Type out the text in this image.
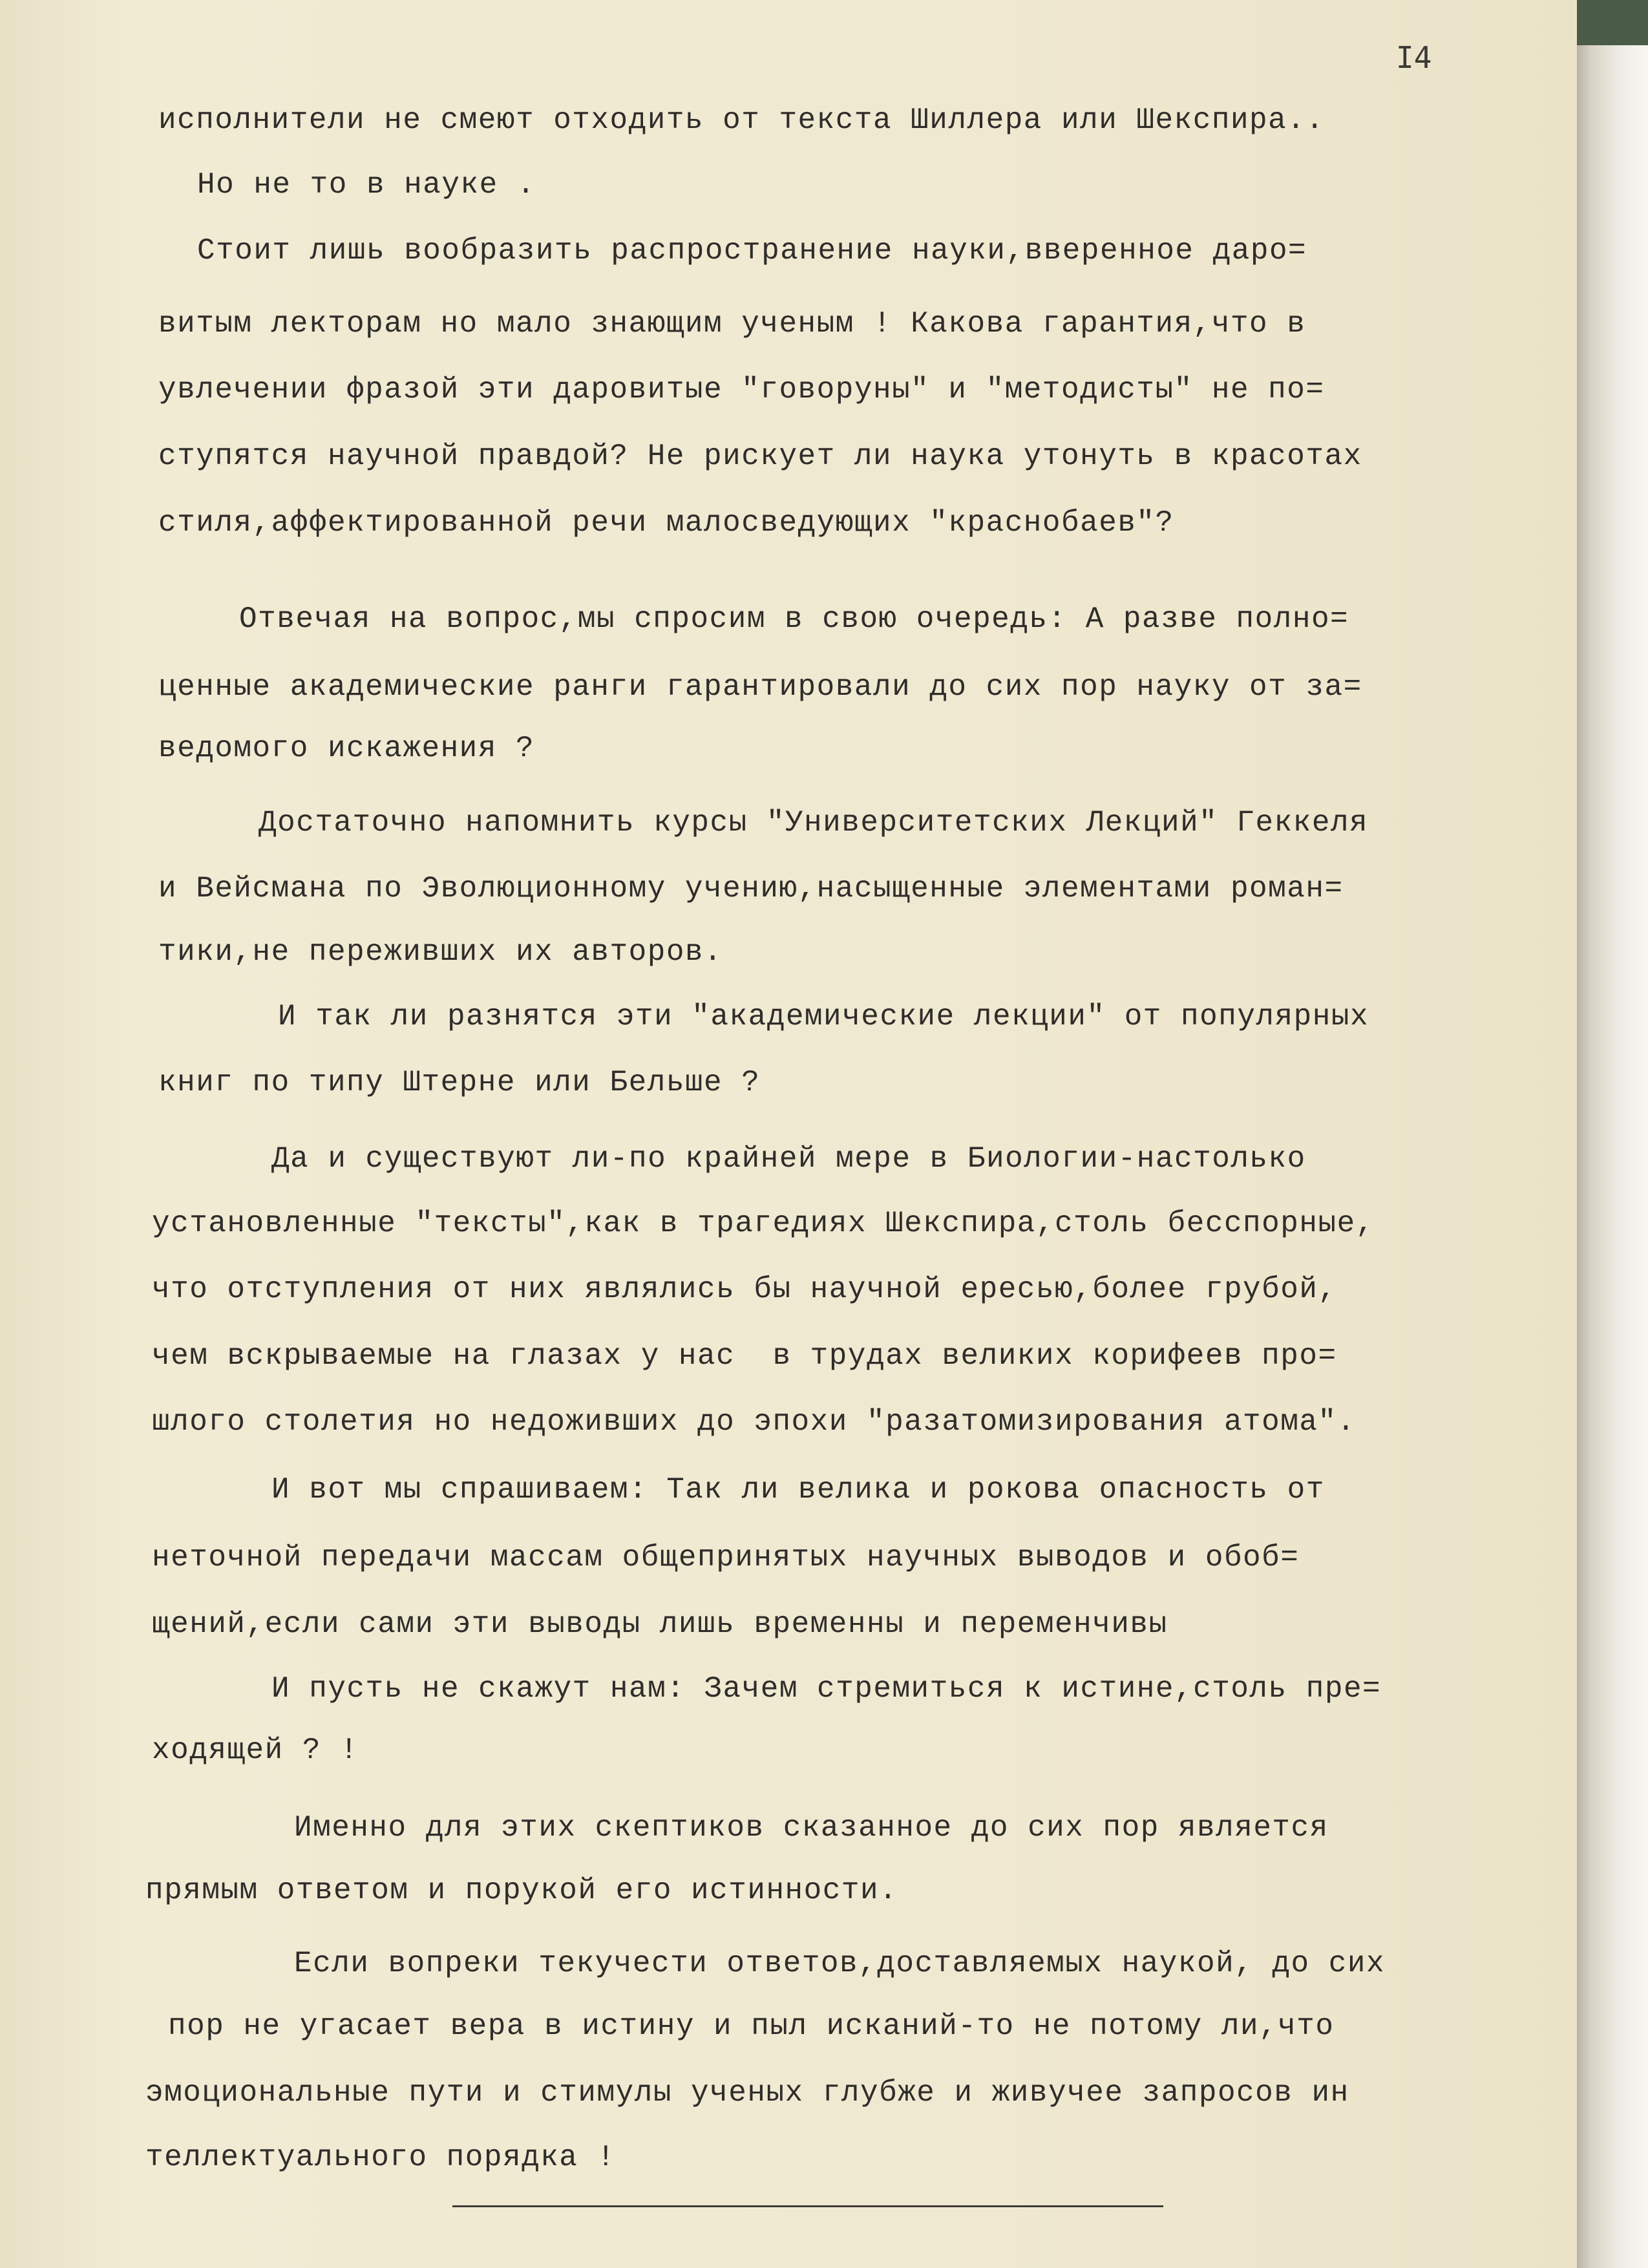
I4
исполнители не смеют отходить от текста Шиллера или Шекспира..
Но не то в науке .
Стоит лишь вообразить распространение науки,вверенное даро=
витым лекторам но мало знающим ученым ! Какова гарантия,что в
увлечении фразой эти даровитые "говоруны" и "методисты" не по=
ступятся научной правдой? Не рискует ли наука утонуть в красотах
стиля,аффектированной речи малосведующих "краснобаев"?
Отвечая на вопрос,мы спросим в свою очередь: А разве полно=
ценные академические ранги гарантировали до сих пор науку от за=
ведомого искажения ?
Достаточно напомнить курсы "Университетских Лекций" Геккеля
и Вейсмана по Эволюционному учению,насыщенные элементами роман=
тики,не переживших их авторов.
И так ли разнятся эти "академические лекции" от популярных
книг по типу Штерне или Бельше ?
Да и существуют ли-по крайней мере в Биологии-настолько
установленные "тексты",как в трагедиях Шекспира,столь бесспорные,
что отступления от них являлись бы научной ересью,более грубой,
чем вскрываемые на глазах у нас  в трудах великих корифеев про=
шлого столетия но недоживших до эпохи "разатомизирования атома".
И вот мы спрашиваем: Так ли велика и рокова опасность от
неточной передачи массам общепринятых научных выводов и обоб=
щений,если сами эти выводы лишь временны и переменчивы
И пусть не скажут нам: Зачем стремиться к истине,столь пре=
ходящей ? !
Именно для этих скептиков сказанное до сих пор является
прямым ответом и порукой его истинности.
Если вопреки текучести ответов,доставляемых наукой, до сих
пор не угасает вера в истину и пыл исканий-то не потому ли,что
эмоциональные пути и стимулы ученых глубже и живучее запросов ин
теллектуального порядка !
